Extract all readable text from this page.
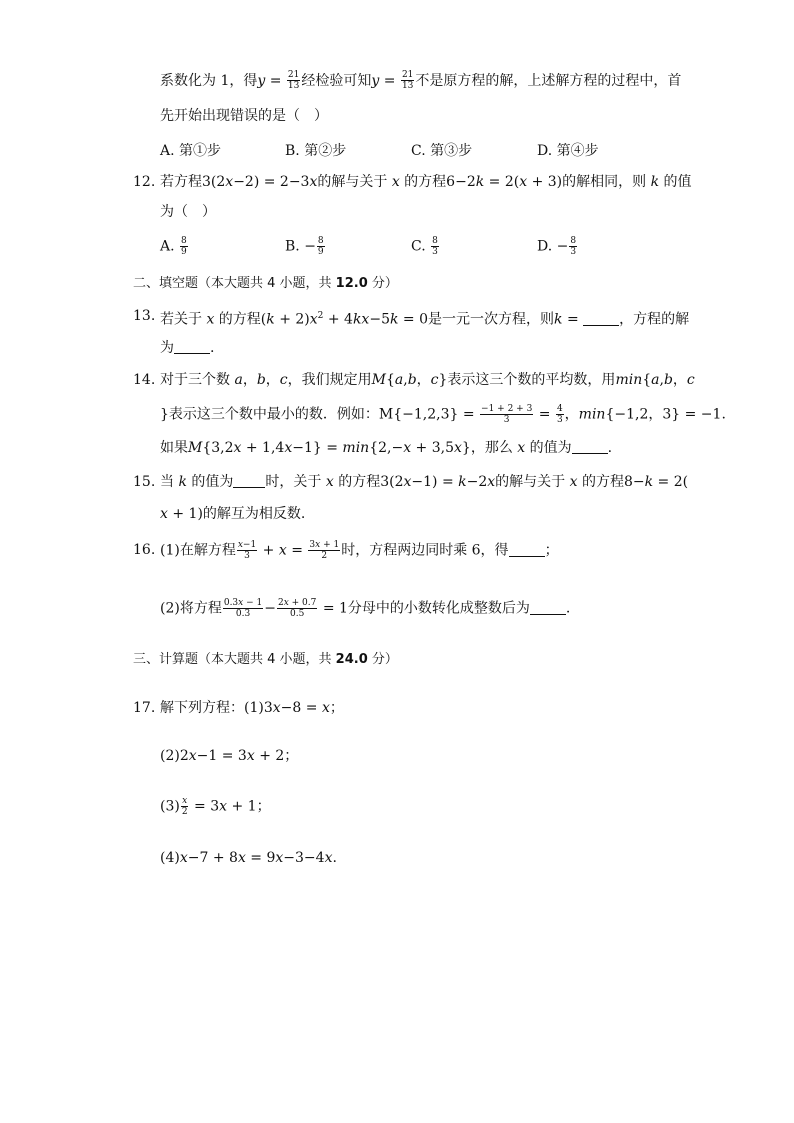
系数化为 1，得$y = \frac{21}{13}$ 经检验可知$y = \frac{21}{13}$ 不是原方程的解，上述解方程的过程中，首
先开始出现错误的是（　）
A. 第①步	B. 第②步	C. 第③步	D. 第④步
12. 若方程3(2x−2) = 2−3x的解与关于 x 的方程6−2k = 2(x + 3)的解相同，则 k 的值
为（　）
A. $\frac{8}{9}$	B. − $\frac{8}{9}$	C. $\frac{8}{3}$	D. − $\frac{8}{3}$
二、填空题（本大题共 4 小题，共 12.0 分）
13. 若关于 x 的方程$(k + 2)x^2 + 4kx-5k = 0$是一元一次方程，则k =	，方程的解
为	.
14. 对于三个数 a，b，c，我们规定用M{a,b，c}表示这三个数的平均数，用min{a,b，c
}表示这三个数中最小的数．例如：$M\{-1,2,3\} = \frac{-1 + 2 + 3}{3} = \frac{4}{3}$ ，min{−1,2，3} = −1.
如果M{3,2x + 1,4x−1} = min{2,−x + 3,5x}，那么 x 的值为	.
15. 当 k 的值为 时，关于 x 的方程3(2x−1) = k−2x的解与关于 x 的方程8−k = 2(
x + 1)的解互为相反数.
16. (1)在解方程 $\frac{x-1}{3} + x = \frac{3x + 1}{2}$ 时，方程两边同时乘 6，得	；
(2)将方程 $\frac{0.3x - 1}{0.3} - \frac{2x + 0.7}{0.5} = 1$分母中的小数转化成整数后为	.
三、计算题（本大题共 4 小题，共 24.0 分）
17. 解下列方程：(1)3x−8 = x；
(2)2x−1 = 3x + 2；
$(3) \frac{x}{2} = 3x + 1$；
(4)x−7 + 8x = 9x−3−4x.
